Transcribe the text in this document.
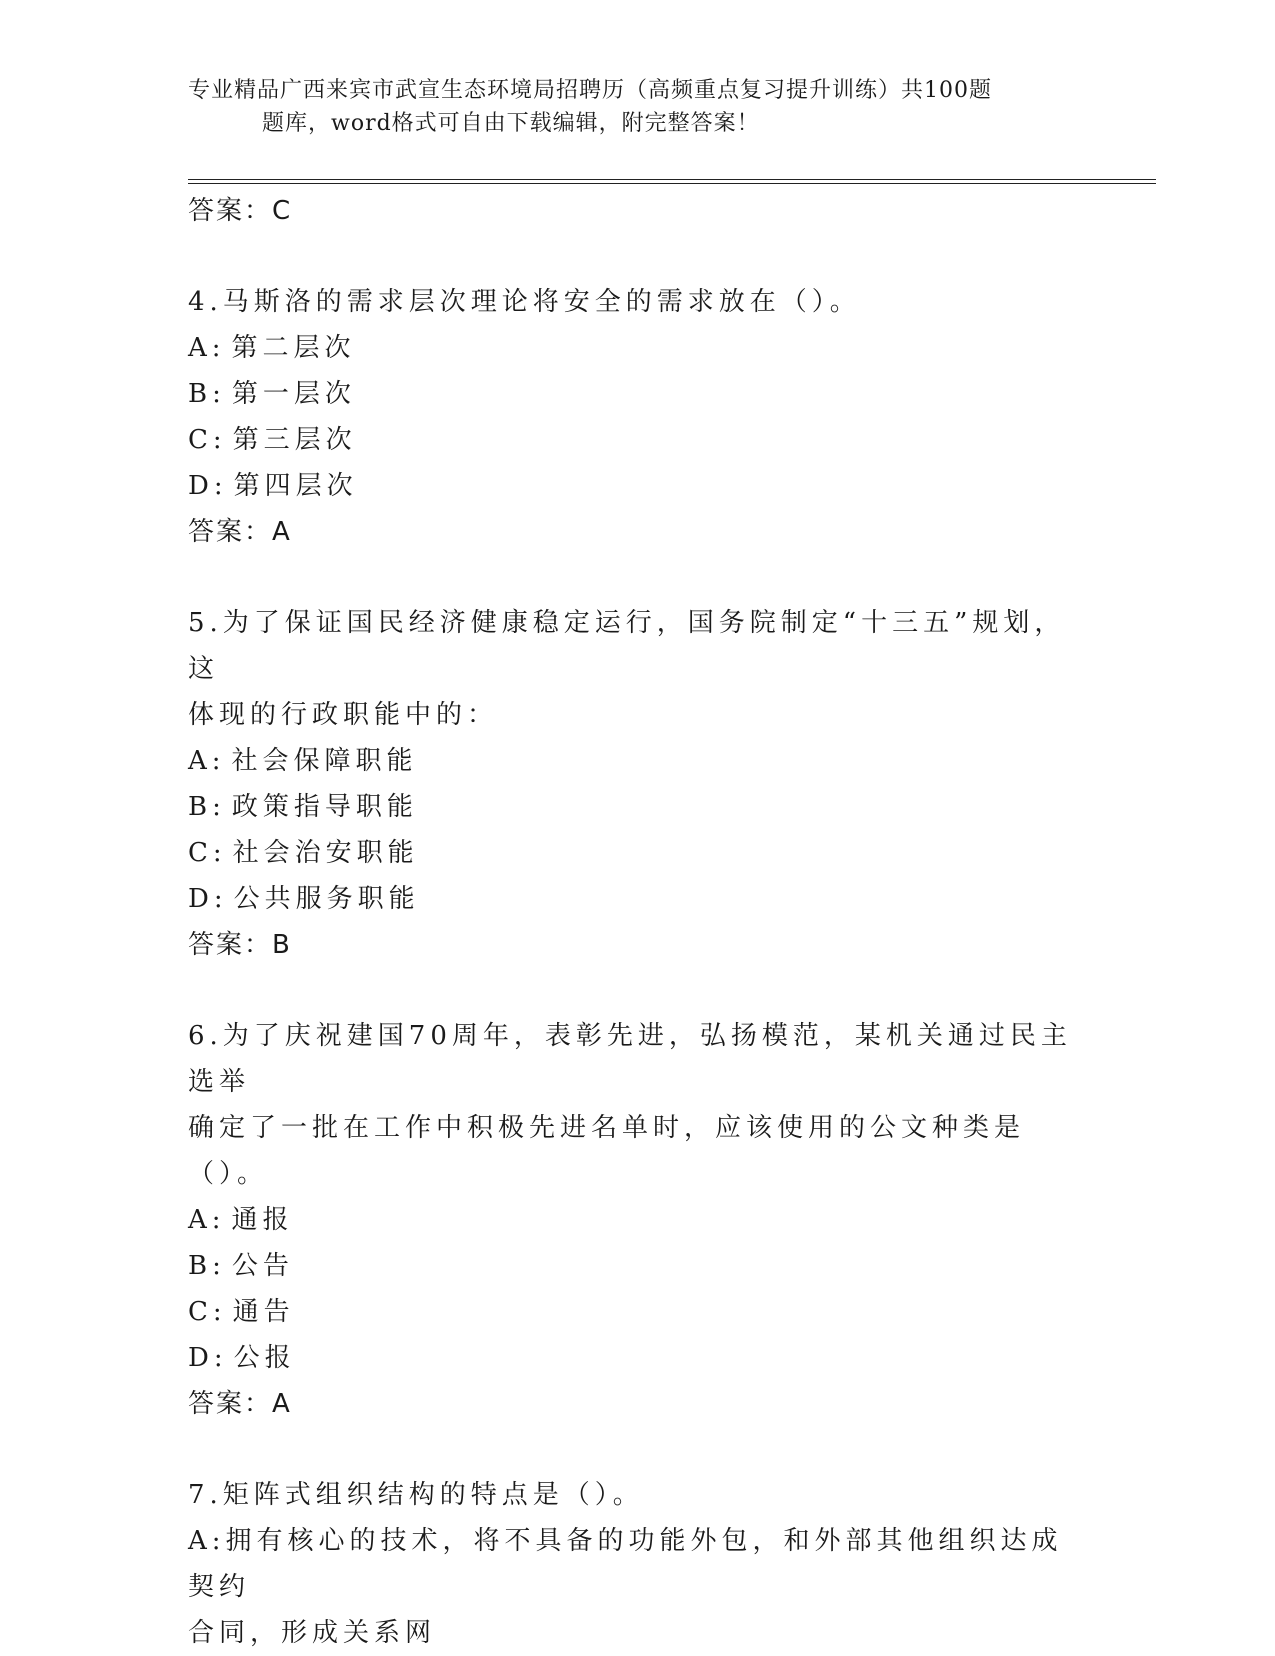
专业精品广西来宾市武宣生态环境局招聘历（高频重点复习提升训练）共100题
题库，word格式可自由下载编辑，附完整答案！
答案：C
4.马斯洛的需求层次理论将安全的需求放在（）。
A: 第二层次
B: 第一层次
C: 第三层次
D: 第四层次
答案：A
5.为了保证国民经济健康稳定运行，国务院制定“十三五”规划，这
体现的行政职能中的：
A: 社会保障职能
B: 政策指导职能
C: 社会治安职能
D: 公共服务职能
答案：B
6.为了庆祝建国70周年，表彰先进，弘扬模范，某机关通过民主选举
确定了一批在工作中积极先进名单时，应该使用的公文种类是（）。
A: 通报
B: 公告
C: 通告
D: 公报
答案：A
7.矩阵式组织结构的特点是（）。
A:拥有核心的技术，将不具备的功能外包，和外部其他组织达成契约
合同，形成关系网
